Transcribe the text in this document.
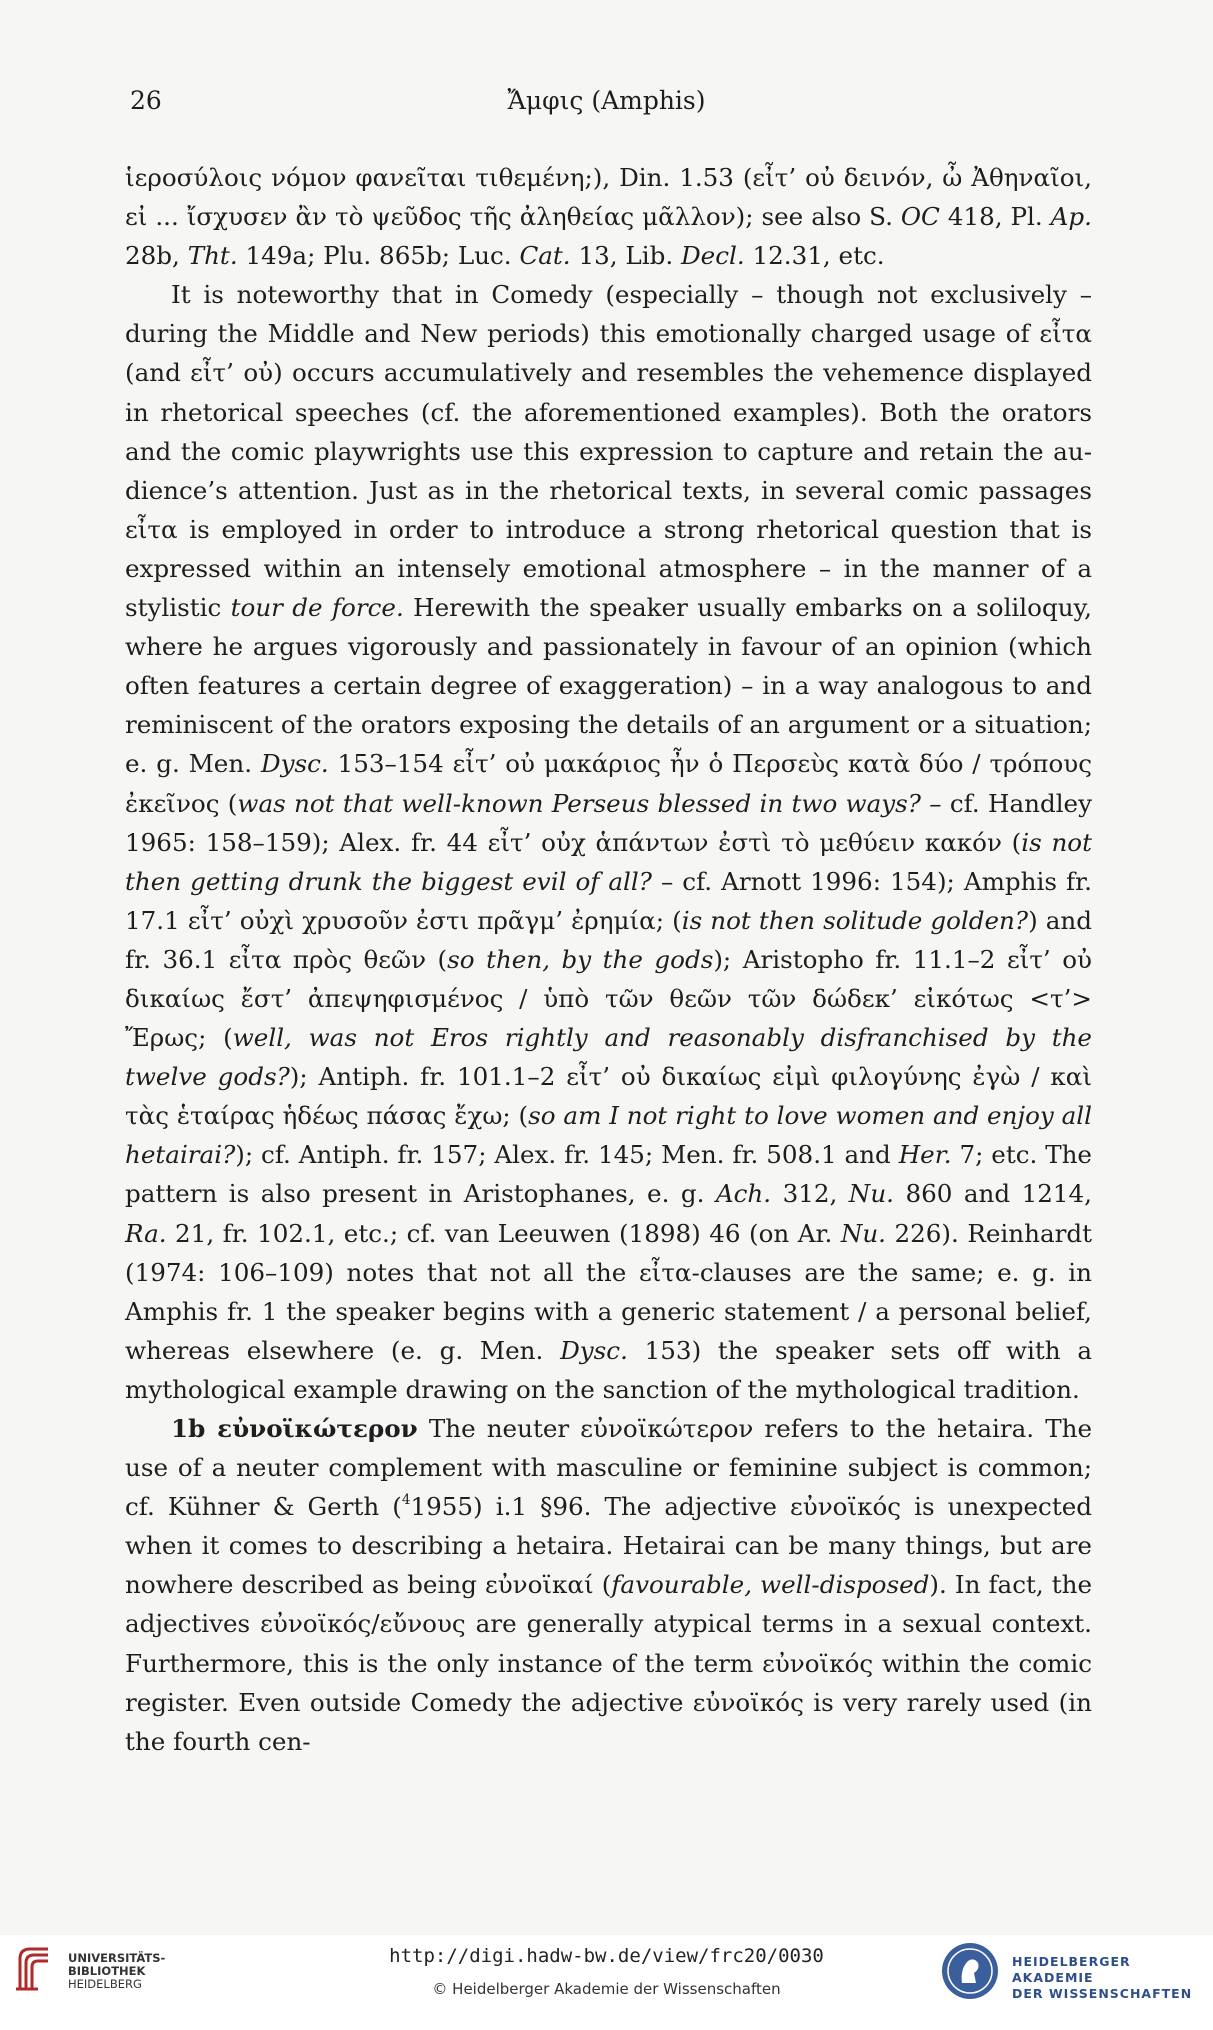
26	Ἄμφις (Amphis)

ἱεροσύλοις νόμον φανεῖται τιθεμένη;), Din. 1.53 (εἶτ’ οὐ δεινόν, ὦ Ἀθηναῖοι, εἰ ... ἴσχυσεν ἂν τὸ ψεῦδος τῆς ἀληθείας μᾶλλον); see also S. OC 418, Pl. Ap. 28b, Tht. 149a; Plu. 865b; Luc. Cat. 13, Lib. Decl. 12.31, etc.

It is noteworthy that in Comedy (especially – though not exclusively – during the Middle and New periods) this emotionally charged usage of εἶτα (and εἶτ’ οὐ) occurs accumulatively and resembles the vehemence displayed in rhetorical speeches (cf. the aforementioned examples). Both the orators and the comic playwrights use this expression to capture and retain the audience’s attention. Just as in the rhetorical texts, in several comic passages εἶτα is employed in order to introduce a strong rhetorical question that is expressed within an intensely emotional atmosphere – in the manner of a stylistic tour de force. Herewith the speaker usually embarks on a soliloquy, where he argues vigorously and passionately in favour of an opinion (which often features a certain degree of exaggeration) – in a way analogous to and reminiscent of the orators exposing the details of an argument or a situation; e. g. Men. Dysc. 153–154 εἶτ’ οὐ μακάριος ἦν ὁ Περσεὺς κατὰ δύο / τρόπους ἐκεῖνος (was not that well-known Perseus blessed in two ways? – cf. Handley 1965: 158–159); Alex. fr. 44 εἶτ’ οὐχ ἁπάντων ἐστὶ τὸ μεθύειν κακόν (is not then getting drunk the biggest evil of all? – cf. Arnott 1996: 154); Amphis fr. 17.1 εἶτ’ οὐχὶ χρυσοῦν ἐστι πρᾶγμ’ ἐρημία; (is not then solitude golden?) and fr. 36.1 εἶτα πρὸς θεῶν (so then, by the gods); Aristopho fr. 11.1–2 εἶτ’ οὐ δικαίως ἔστ’ ἀπεψηφισμένος / ὑπὸ τῶν θεῶν τῶν δώδεκ’ εἰκότως <τ’> Ἔρως; (well, was not Eros rightly and reasonably disfranchised by the twelve gods?); Antiph. fr. 101.1–2 εἶτ’ οὐ δικαίως εἰμὶ φιλογύνης ἐγὼ / καὶ τὰς ἑταίρας ἡδέως πάσας ἔχω; (so am I not right to love women and enjoy all hetairai?); cf. Antiph. fr. 157; Alex. fr. 145; Men. fr. 508.1 and Her. 7; etc. The pattern is also present in Aristophanes, e. g. Ach. 312, Nu. 860 and 1214, Ra. 21, fr. 102.1, etc.; cf. van Leeuwen (1898) 46 (on Ar. Nu. 226). Reinhardt (1974: 106–109) notes that not all the εἶτα-clauses are the same; e. g. in Amphis fr. 1 the speaker begins with a generic statement / a personal belief, whereas elsewhere (e. g. Men. Dysc. 153) the speaker sets off with a mythological example drawing on the sanction of the mythological tradition.

1b εὐνοϊκώτερον The neuter εὐνοϊκώτερον refers to the hetaira. The use of a neuter complement with masculine or feminine subject is common; cf. Kühner & Gerth ($^4$1955) i.1 §96. The adjective εὐνοϊκός is unexpected when it comes to describing a hetaira. Hetairai can be many things, but are nowhere described as being εὐνοϊκαί (favourable, well-disposed). In fact, the adjectives εὐνοϊκός/εὔνους are generally atypical terms in a sexual context. Furthermore, this is the only instance of the term εὐνοϊκός within the comic register. Even outside Comedy the adjective εὐνοϊκός is very rarely used (in the fourth cen-

UNIVERSITÄTS-
BIBLIOTHEK
HEIDELBERG
http://digi.hadw-bw.de/view/frc20/0030
© Heidelberger Akademie der Wissenschaften
HEIDELBERGER AKADEMIE
DER WISSENSCHAFTEN
